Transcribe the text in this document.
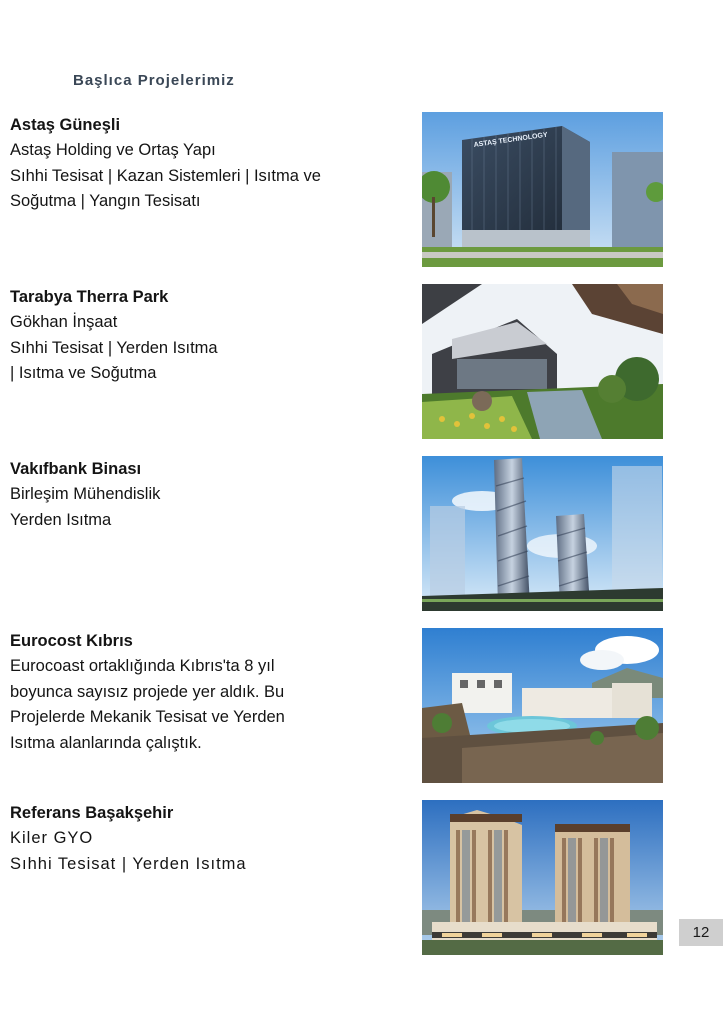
Başlıca Projelerimiz
Astaş Güneşli
Astaş Holding ve Ortaş Yapı
Sıhhi Tesisat | Kazan Sistemleri | Isıtma ve
Soğutma | Yangın Tesisatı
Tarabya Therra Park
Gökhan İnşaat
Sıhhi Tesisat | Yerden Isıtma
| Isıtma ve Soğutma
Vakıfbank Binası
Birleşim Mühendislik
Yerden Isıtma
Eurocost Kıbrıs
Eurocoast ortaklığında Kıbrıs'ta 8 yıl
boyunca sayısız projede yer aldık. Bu
Projelerde Mekanik Tesisat ve Yerden
Isıtma alanlarında çalıştık.
Referans Başakşehir
Kiler GYO
Sıhhi Tesisat | Yerden Isıtma
ASTAŞ TECHNOLOGY
12
